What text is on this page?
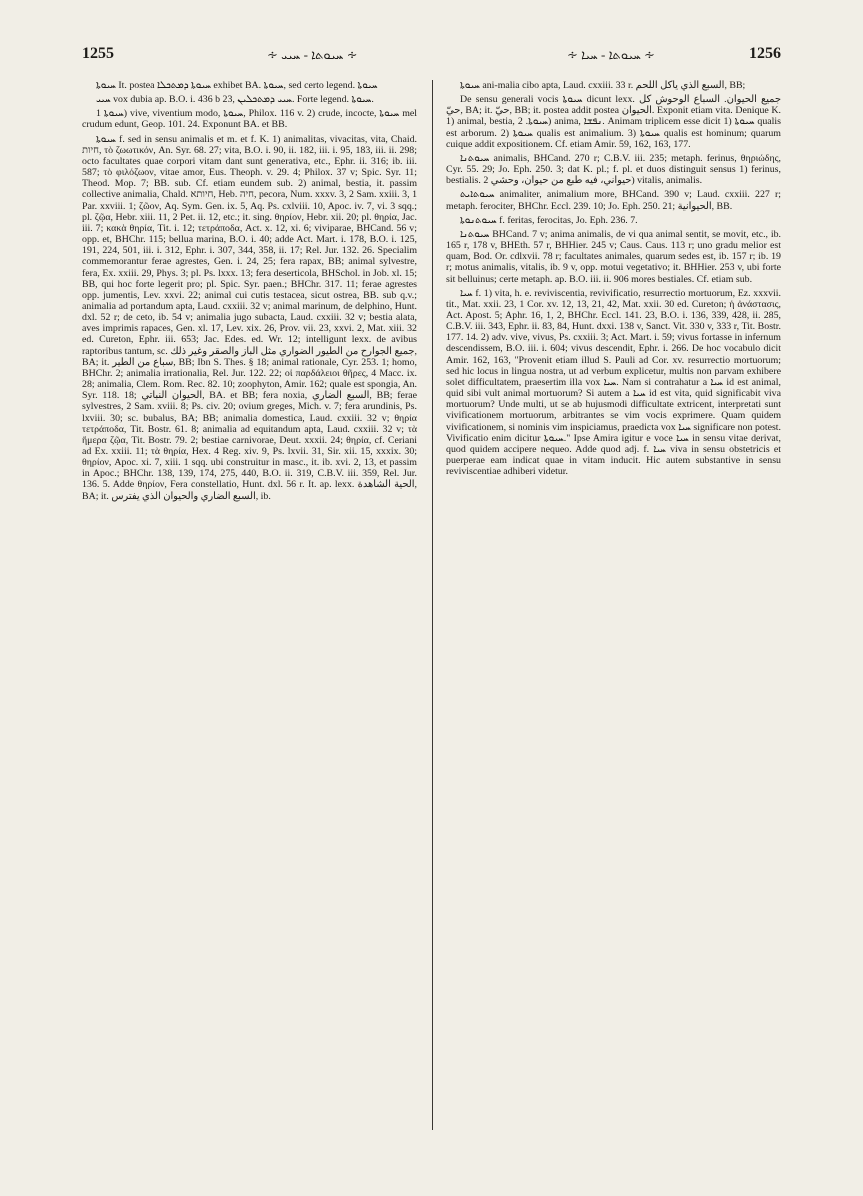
1255	∻ ܚܝܘܬܐ - ܚܝܝ ∻	∻ ܚܝܘܬܐ - ܚܝܐ ∻	1256

ܚܝܘܬܐ It. postea ܚܝܘܬܐ ܕܡܬܟܠܐ exhibet BA. ܚܝܘܬܐ, sed certo legend. ܚܝܘܬܐ

ܚܝܝ vox dubia ap. B.O. i. 436 b 23, ܚܝܝ ܕܡܬܟܠܝܢ. Forte legend. ܚܝܘܬܐ.

ܚܝܘܬܐ 1) vive, viventium modo, ܚܝܘܬܐ, Philox. 116 v. 2) crude, incocte, ܚܝܘܬܐ mel crudum edunt, Geop. 101. 24. Exponunt BA. et BB.

ܚܝܘܬܐ f. sed in sensu animalis et m. et f. K. 1) animalitas, vivacitas, vita, Chaid. חיות, τὸ ζωωτικόν, An. Syr. 68. 27; vita, B.O. i. 90, ii. 182, iii. i. 95, 183, iii. ii. 298; octo facultates quae corpori vitam dant sunt generativa, etc., Ephr. ii. 316; ib. iii. 587; τὸ φιλόζωον, vitae amor, Eus. Theoph. v. 29. 4; Philox. 37 v; Spic. Syr. 11; Theod. Mop. 7; BB. sub. Cf. etiam eundem sub. 2) animal, bestia, it. passim collective animalia, Chald. חיותא, Heb. חיה, pecora, Num. xxxv. 3, 2 Sam. xxiii. 3, 1 Par. xxviii. 1; ζῶον, Aq. Sym. Gen. ix. 5, Aq. Ps. cxlviii. 10, Apoc. iv. 7, vi. 3 sqq.; pl. ζῷα, Hebr. xiii. 11, 2 Pet. ii. 12, etc.; it. sing. θηρίον, Hebr. xii. 20; pl. θηρία, Jac. iii. 7; κακὰ θηρία, Tit. i. 12; τετράποδα, Act. x. 12, xi. 6; viviparae, BHCand. 56 v; opp. et, BHChr. 115; bellua marina, B.O. i. 40; adde Act. Mart. i. 178, B.O. i. 125, 191, 224, 501, iii. i. 312, Ephr. i. 307, 344, 358, ii. 17; Rel. Jur. 132. 26. Specialim commemorantur ferae agrestes, Gen. i. 24, 25; fera rapax, BB; animal sylvestre, fera, Ex. xxiii. 29, Phys. 3; pl. Ps. lxxx. 13; fera deserticola, BHSchol. in Job. xl. 15; BB, qui hoc forte legerit pro; pl. Spic. Syr. paen.; BHChr. 317. 11; ferae agrestes opp. jumentis, Lev. xxvi. 22; animal cui cutis testacea, sicut ostrea, BB. sub q.v.; animalia ad portandum apta, Laud. cxxiii. 32 v; animal marinum, de delphino, Hunt. dxl. 52 r; de ceto, ib. 54 v; animalia jugo subacta, Laud. cxxiii. 32 v; bestia alata, aves imprimis rapaces, Gen. xl. 17, Lev. xix. 26, Prov. vii. 23, xxvi. 2, Mat. xiii. 32 ed. Cureton, Ephr. iii. 653; Jac. Edes. ed. Wr. 12; intelligunt lexx. de avibus raptoribus tantum, sc. جميع الجوارح من الطيور الضواري مثل الباز والصقر وغير ذلك, BA; it. سباع من الطير, BB; Ibn S. Thes. § 18; animal rationale, Cyr. 253. 1; homo, BHChr. 2; animalia irrationalia, Rel. Jur. 122. 22; οἱ παρδάλειοι θῆρες, 4 Macc. ix. 28; animalia, Clem. Rom. Rec. 82. 10; zoophyton, Amir. 162; quale est spongia, An. Syr. 118. 18; الحيوان النباتي, BA. et BB; fera noxia, السبع الضاري, BB; ferae sylvestres, 2 Sam. xviii. 8; Ps. civ. 20; ovium greges, Mich. v. 7; fera arundinis, Ps. lxviii. 30; sc. bubalus, BA; BB; animalia domestica, Laud. cxxiii. 32 v; θηρία τετράποδα, Tit. Bostr. 61. 8; animalia ad equitandum apta, Laud. cxxiii. 32 v; τὰ ἥμερα ζῷα, Tit. Bostr. 79. 2; bestiae carnivorae, Deut. xxxii. 24; θηρία, cf. Ceriani ad Ex. xxiii. 11; τὰ θηρία, Hex. 4 Reg. xiv. 9, Ps. lxvii. 31, Sir. xii. 15, xxxix. 30; θηρίον, Apoc. xi. 7, xiii. 1 sqq. ubi construitur in masc., it. ib. xvi. 2, 13, et passim in Apoc.; BHChr. 138, 139, 174, 275, 440, B.O. ii. 319, C.B.V. iii. 359, Rel. Jur. 136. 5. Adde θηρίον, Fera constellatio, Hunt. dxl. 56 r. It. ap. lexx. الحية الشاهدة, BA; it. السبع الضاري والحيوان الذي يفترس, ib.

ܚܝܘܬܐ ani-malia cibo apta, Laud. cxxiii. 33 r. السبع الذي ياكل اللحم, BB;

De sensu generali vocis ܚܝܘܬܐ dicunt lexx. جميع الحيوان. السباع الوحوش كل حيّ, BA; it. حيّ, BB; it. postea addit postea الحيوان. Exponit etiam vita. Denique K. 1) animal, bestia, ܚܝܘܬܐ. 2) anima, ܢܦܫܐ. Animam triplicem esse dicit 1) ܚܝܘܬܐ qualis est arborum. 2) ܚܝܘܬܐ qualis est animalium. 3) ܚܝܘܬܐ qualis est hominum; quarum cuique addit expositionem. Cf. etiam Amir. 59, 162, 163, 177.

ܚܝܘܬܢܐ animalis, BHCand. 270 r; C.B.V. iii. 235; metaph. ferinus, θηριώδης, Cyr. 55. 29; Jo. Eph. 250. 3; dat K. pl.; f. pl. et duos distinguit sensus 1) ferinus, bestialis. حيواني، فيه طبع من حيوان، وحشي 2) vitalis, animalis.

ܚܝܘܬܐܝܬ animaliter, animalium more, BHCand. 390 v; Laud. cxxiii. 227 r; metaph. ferociter, BHChr. Eccl. 239. 10; Jo. Eph. 250. 21; الحيوانية, BB.

ܚܝܘܬܢܘܬܐ f. feritas, ferocitas, Jo. Eph. 236. 7.

ܚܝܘܬܢܐ BHCand. 7 v; anima animalis, de vi qua animal sentit, se movit, etc., ib. 165 r, 178 v, BHEth. 57 r, BHHier. 245 v; Caus. Caus. 113 r; uno gradu melior est quam, Bod. Or. cdlxvii. 78 r; facultates animales, quarum sedes est, ib. 157 r; ib. 19 r; motus animalis, vitalis, ib. 9 v, opp. motui vegetativo; it. BHHier. 253 v, ubi forte sit belluinus; certe metaph. ap. B.O. iii. ii. 906 mores bestiales. Cf. etiam sub.

ܚܝܐ f. 1) vita, h. e. reviviscentia, revivificatio, resurrectio mortuorum, Ez. xxxvii. tit., Mat. xxii. 23, 1 Cor. xv. 12, 13, 21, 42, Mat. xxii. 30 ed. Cureton; ἡ ἀνάστασις, Act. Apost. 5; Aphr. 16, 1, 2, BHChr. Eccl. 141. 23, B.O. i. 136, 339, 428, ii. 285, C.B.V. iii. 343, Ephr. ii. 83, 84, Hunt. dxxi. 138 v, Sanct. Vit. 330 v, 333 r, Tit. Bostr. 177. 14. 2) adv. vive, vivus, Ps. cxxiii. 3; Act. Mart. i. 59; vivus fortasse in infernum descendissem, B.O. iii. i. 604; vivus descendit, Ephr. i. 266. De hoc vocabulo dicit Amir. 162, 163, "Provenit etiam illud S. Pauli ad Cor. xv. resurrectio mortuorum; sed hic locus in lingua nostra, ut ad verbum explicetur, multis non parvam exhibere solet difficultatem, praesertim illa vox ܚܝܐ. Nam si contrahatur a ܚܝܐ id est animal, quid sibi vult animal mortuorum? Si autem a ܚܝܐ id est vita, quid significabit viva mortuorum? Unde multi, ut se ab hujusmodi difficultate extricent, interpretati sunt vivificationem mortuorum, arbitrantes se vim vocis exprimere. Quam quidem vivificationem, si nominis vim inspiciamus, praedicta vox ܚܝܐ significare non potest. Vivificatio enim dicitur ܚܝܘܬܐ." Ipse Amira igitur e voce ܚܝܐ in sensu vitae derivat, quod quidem accipere nequeo. Adde quod adj. f. ܚܝܐ viva in sensu obstetricis et puerperae eam indicat quae in vitam inducit. Hic autem substantive in sensu reviviscentiae adhiberi videtur.
